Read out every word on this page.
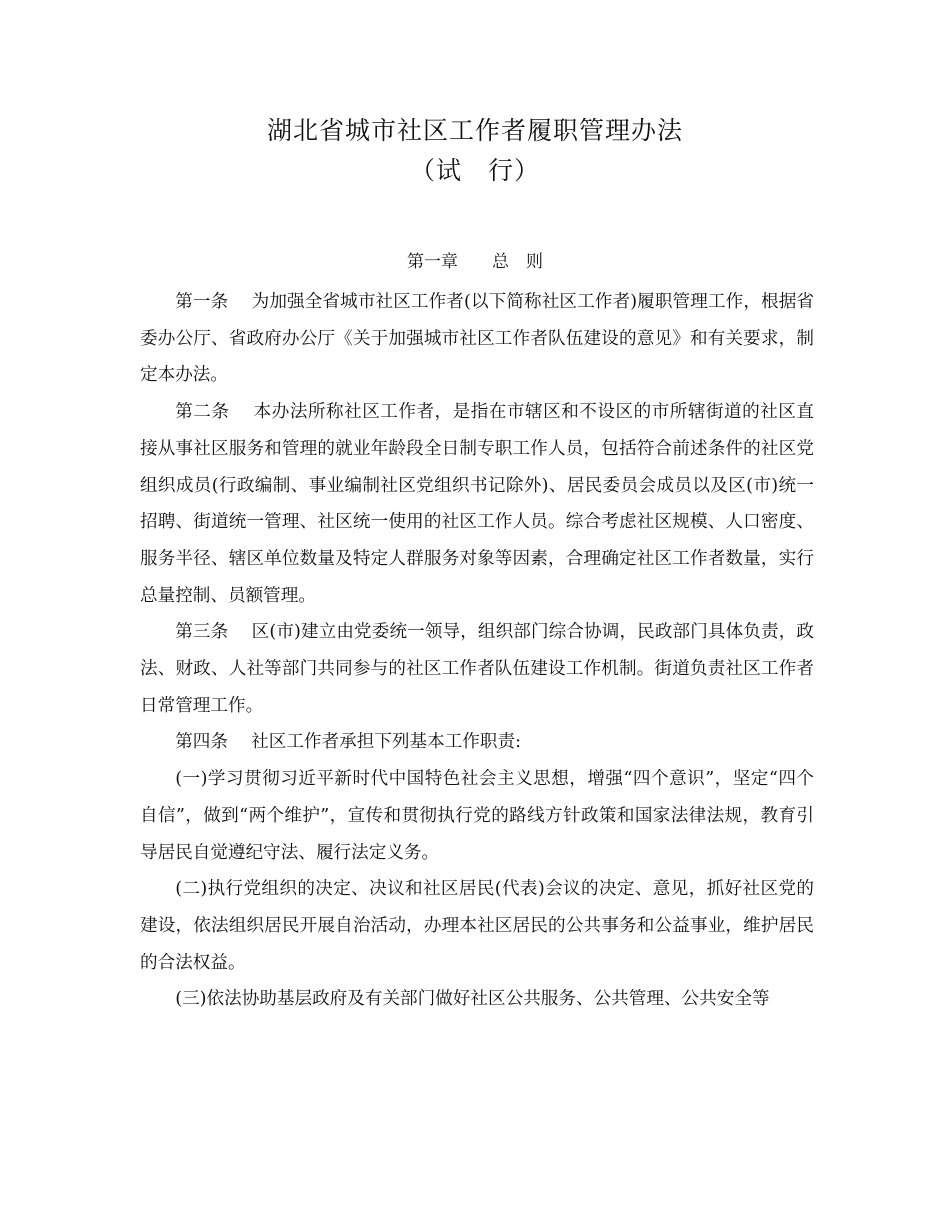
湖北省城市社区工作者履职管理办法
（试　行）
第一章　　总　则

第一条　 为加强全省城市社区工作者(以下简称社区工作者)履职管理工作，根据省委办公厅、省政府办公厅《关于加强城市社区工作者队伍建设的意见》和有关要求，制定本办法。

第二条　 本办法所称社区工作者，是指在市辖区和不设区的市所辖街道的社区直接从事社区服务和管理的就业年龄段全日制专职工作人员，包括符合前述条件的社区党组织成员(行政编制、事业编制社区党组织书记除外)、居民委员会成员以及区(市)统一招聘、街道统一管理、社区统一使用的社区工作人员。综合考虑社区规模、人口密度、服务半径、辖区单位数量及特定人群服务对象等因素，合理确定社区工作者数量，实行总量控制、员额管理。

第三条　 区(市)建立由党委统一领导，组织部门综合协调，民政部门具体负责，政法、财政、人社等部门共同参与的社区工作者队伍建设工作机制。街道负责社区工作者日常管理工作。

第四条　 社区工作者承担下列基本工作职责:

(一)学习贯彻习近平新时代中国特色社会主义思想，增强“四个意识”，坚定“四个自信”，做到“两个维护”，宣传和贯彻执行党的路线方针政策和国家法律法规，教育引导居民自觉遵纪守法、履行法定义务。

(二)执行党组织的决定、决议和社区居民(代表)会议的决定、意见，抓好社区党的建设，依法组织居民开展自治活动，办理本社区居民的公共事务和公益事业，维护居民的合法权益。

(三)依法协助基层政府及有关部门做好社区公共服务、公共管理、公共安全等
